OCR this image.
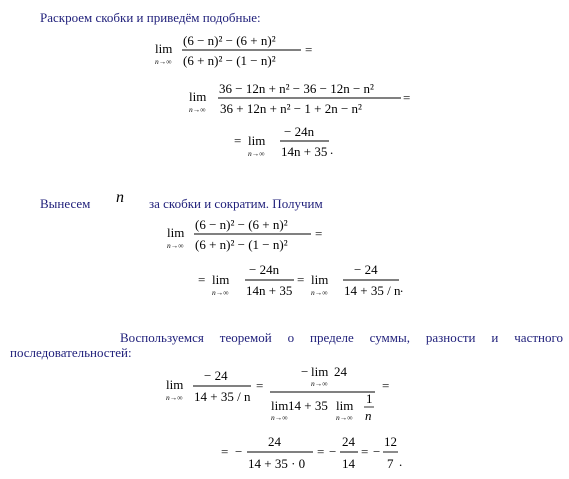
Раскроем скобки и приведём подобные:
lim
n→∞
(6 − n)² − (6 + n)²
(6 + n)² − (1 − n)²
=
lim
n→∞
36 − 12n + n² − 36 − 12n − n²
36 + 12n + n² − 1 + 2n − n²
=
= lim
n→∞
− 24n
14n + 35 .
Вынесем n за скобки и сократим. Получим
lim
n→∞
(6 − n)² − (6 + n)²
(6 + n)² − (1 − n)²
=
= lim
n→∞
− 24n
14n + 35
= lim
n→∞
− 24
14 + 35 / n .
Воспользуемся теоремой о пределе суммы, разности и частного последовательностей:
lim
n→∞
− 24
14 + 35 / n
=
− lim
n→∞
24
lim
n→∞
14 + 35 lim
n→∞
1
n
=
= −
24
14 + 35 · 0
= −
24
14
= −
12
7 .
